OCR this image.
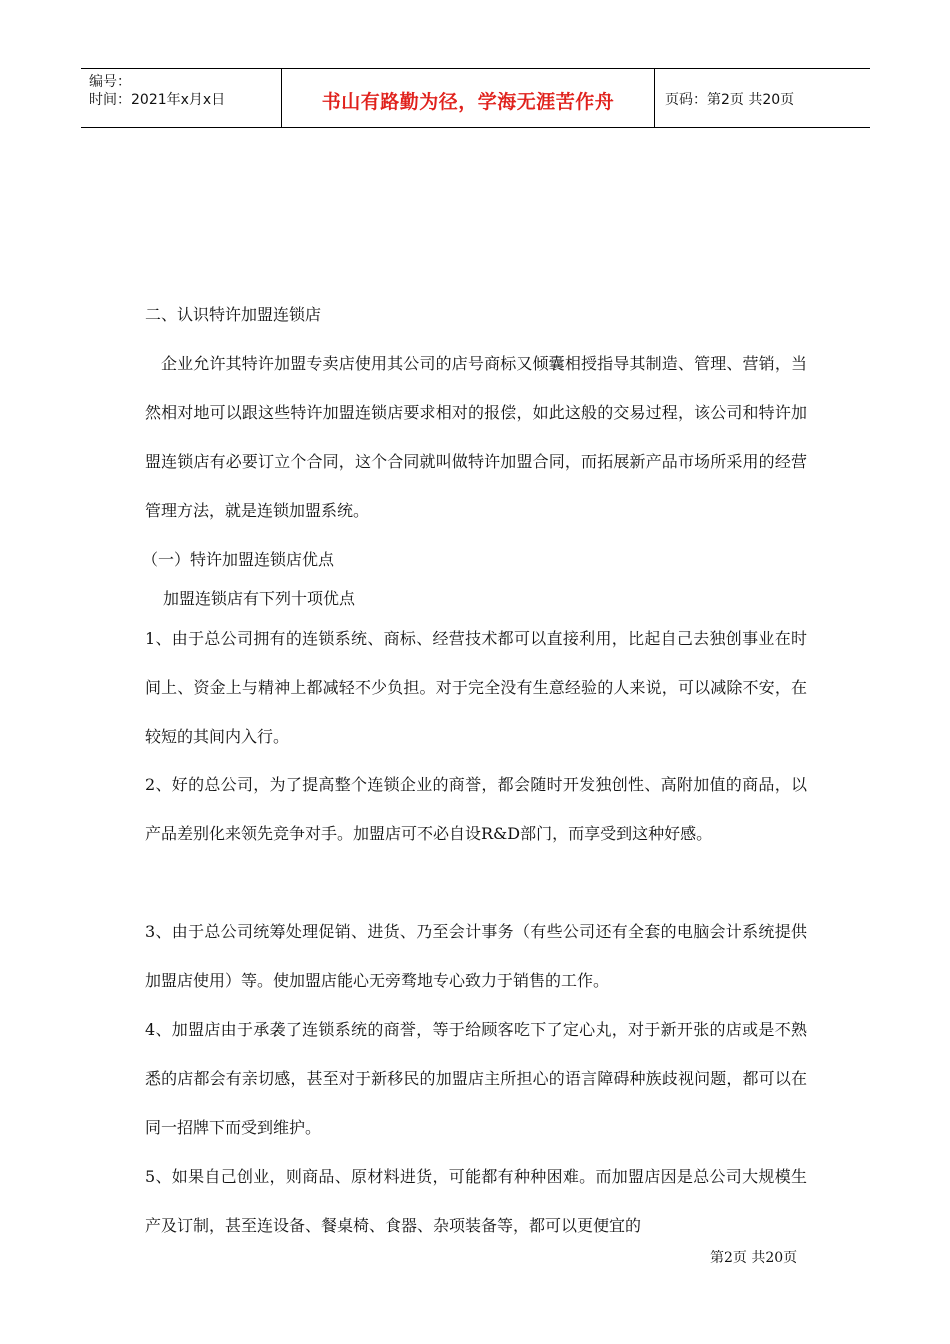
编号：
时间：2021年x月x日	书山有路勤为径，学海无涯苦作舟	页码：第2页 共20页

二、认识特许加盟连锁店

企业允许其特许加盟专卖店使用其公司的店号商标又倾囊相授指导其制造、管理、营销，当然相对地可以跟这些特许加盟连锁店要求相对的报偿，如此这般的交易过程，该公司和特许加盟连锁店有必要订立个合同，这个合同就叫做特许加盟合同，而拓展新产品市场所采用的经营管理方法，就是连锁加盟系统。

（一）特许加盟连锁店优点

加盟连锁店有下列十项优点

1、由于总公司拥有的连锁系统、商标、经营技术都可以直接利用，比起自己去独创事业在时间上、资金上与精神上都减轻不少负担。对于完全没有生意经验的人来说，可以减除不安，在较短的其间内入行。

2、好的总公司，为了提高整个连锁企业的商誉，都会随时开发独创性、高附加值的商品，以产品差别化来领先竞争对手。加盟店可不必自设R&D部门，而享受到这种好感。

3、由于总公司统筹处理促销、进货、乃至会计事务（有些公司还有全套的电脑会计系统提供加盟店使用）等。使加盟店能心无旁骛地专心致力于销售的工作。

4、加盟店由于承袭了连锁系统的商誉，等于给顾客吃下了定心丸，对于新开张的店或是不熟悉的店都会有亲切感，甚至对于新移民的加盟店主所担心的语言障碍种族歧视问题，都可以在同一招牌下而受到维护。

5、如果自己创业，则商品、原材料进货，可能都有种种困难。而加盟店因是总公司大规模生产及订制，甚至连设备、餐桌椅、食器、杂项装备等，都可以更便宜的

第2页 共20页
